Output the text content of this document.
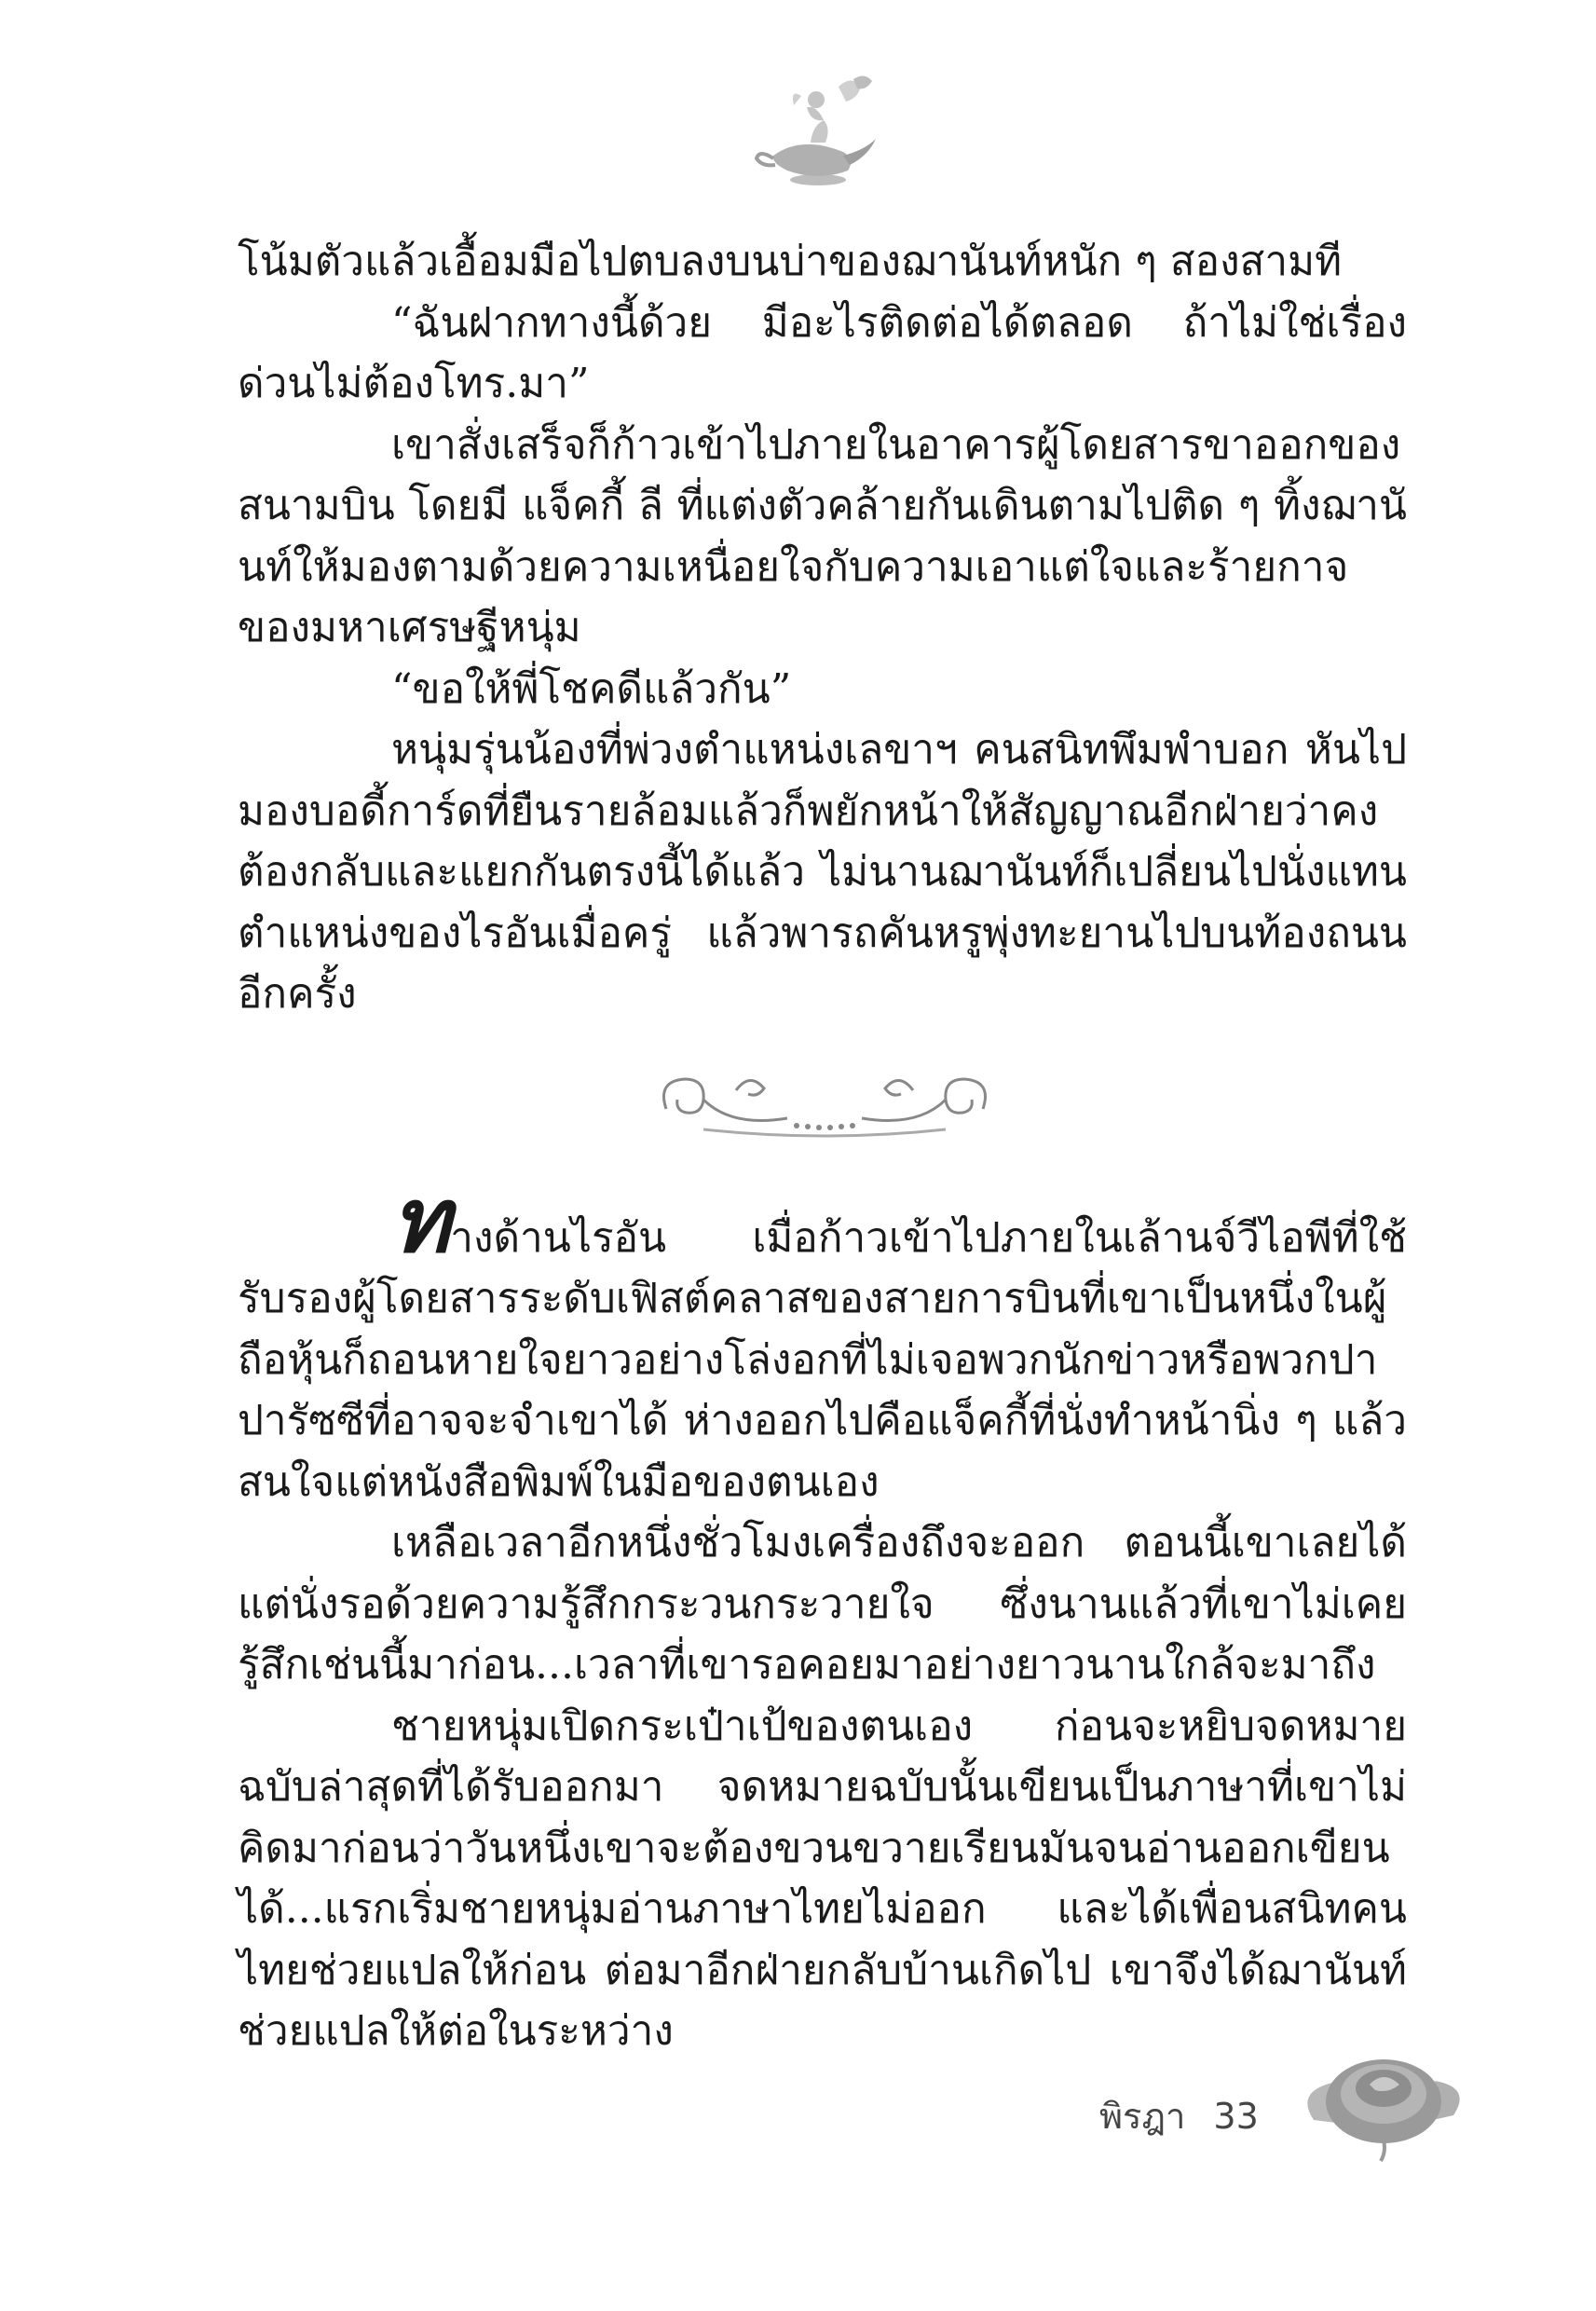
โน้มตัวแล้วเอื้อมมือไปตบลงบนบ่าของฌานันท์หนัก ๆ สองสามที

“ฉันฝากทางนี้ด้วย มีอะไรติดต่อได้ตลอด ถ้าไม่ใช่เรื่องด่วนไม่ต้องโทร.มา”

เขาสั่งเสร็จก็ก้าวเข้าไปภายในอาคารผู้โดยสารขาออกของสนามบิน โดยมี แจ็คกี้ ลี ที่แต่งตัวคล้ายกันเดินตามไปติด ๆ ทิ้งฌานันท์ให้มองตามด้วยความเหนื่อยใจกับความเอาแต่ใจและร้ายกาจของมหาเศรษฐีหนุ่ม

“ขอให้พี่โชคดีแล้วกัน”

หนุ่มรุ่นน้องที่พ่วงตำแหน่งเลขาฯ คนสนิทพึมพำบอก หันไปมองบอดี้การ์ดที่ยืนรายล้อมแล้วก็พยักหน้าให้สัญญาณอีกฝ่ายว่าคงต้องกลับและแยกกันตรงนี้ได้แล้ว ไม่นานฌานันท์ก็เปลี่ยนไปนั่งแทนตำแหน่งของไรอันเมื่อครู่ แล้วพารถคันหรูพุ่งทะยานไปบนท้องถนนอีกครั้ง

ทางด้านไรอัน เมื่อก้าวเข้าไปภายในเล้านจ์วีไอพีที่ใช้รับรองผู้โดยสารระดับเฟิสต์คลาสของสายการบินที่เขาเป็นหนึ่งในผู้ถือหุ้นก็ถอนหายใจยาวอย่างโล่งอกที่ไม่เจอพวกนักข่าวหรือพวกปาปารัซซีที่อาจจะจำเขาได้ ห่างออกไปคือแจ็คกี้ที่นั่งทำหน้านิ่ง ๆ แล้วสนใจแต่หนังสือพิมพ์ในมือของตนเอง

เหลือเวลาอีกหนึ่งชั่วโมงเครื่องถึงจะออก ตอนนี้เขาเลยได้แต่นั่งรอด้วยความรู้สึกกระวนกระวายใจ ซึ่งนานแล้วที่เขาไม่เคยรู้สึกเช่นนี้มาก่อน...เวลาที่เขารอคอยมาอย่างยาวนานใกล้จะมาถึง

ชายหนุ่มเปิดกระเป๋าเป้ของตนเอง ก่อนจะหยิบจดหมายฉบับล่าสุดที่ได้รับออกมา จดหมายฉบับนั้นเขียนเป็นภาษาที่เขาไม่คิดมาก่อนว่าวันหนึ่งเขาจะต้องขวนขวายเรียนมันจนอ่านออกเขียนได้...แรกเริ่มชายหนุ่มอ่านภาษาไทยไม่ออก และได้เพื่อนสนิทคนไทยช่วยแปลให้ก่อน ต่อมาอีกฝ่ายกลับบ้านเกิดไป เขาจึงได้ฌานันท์ช่วยแปลให้ต่อในระหว่าง

พิรฎา 33
